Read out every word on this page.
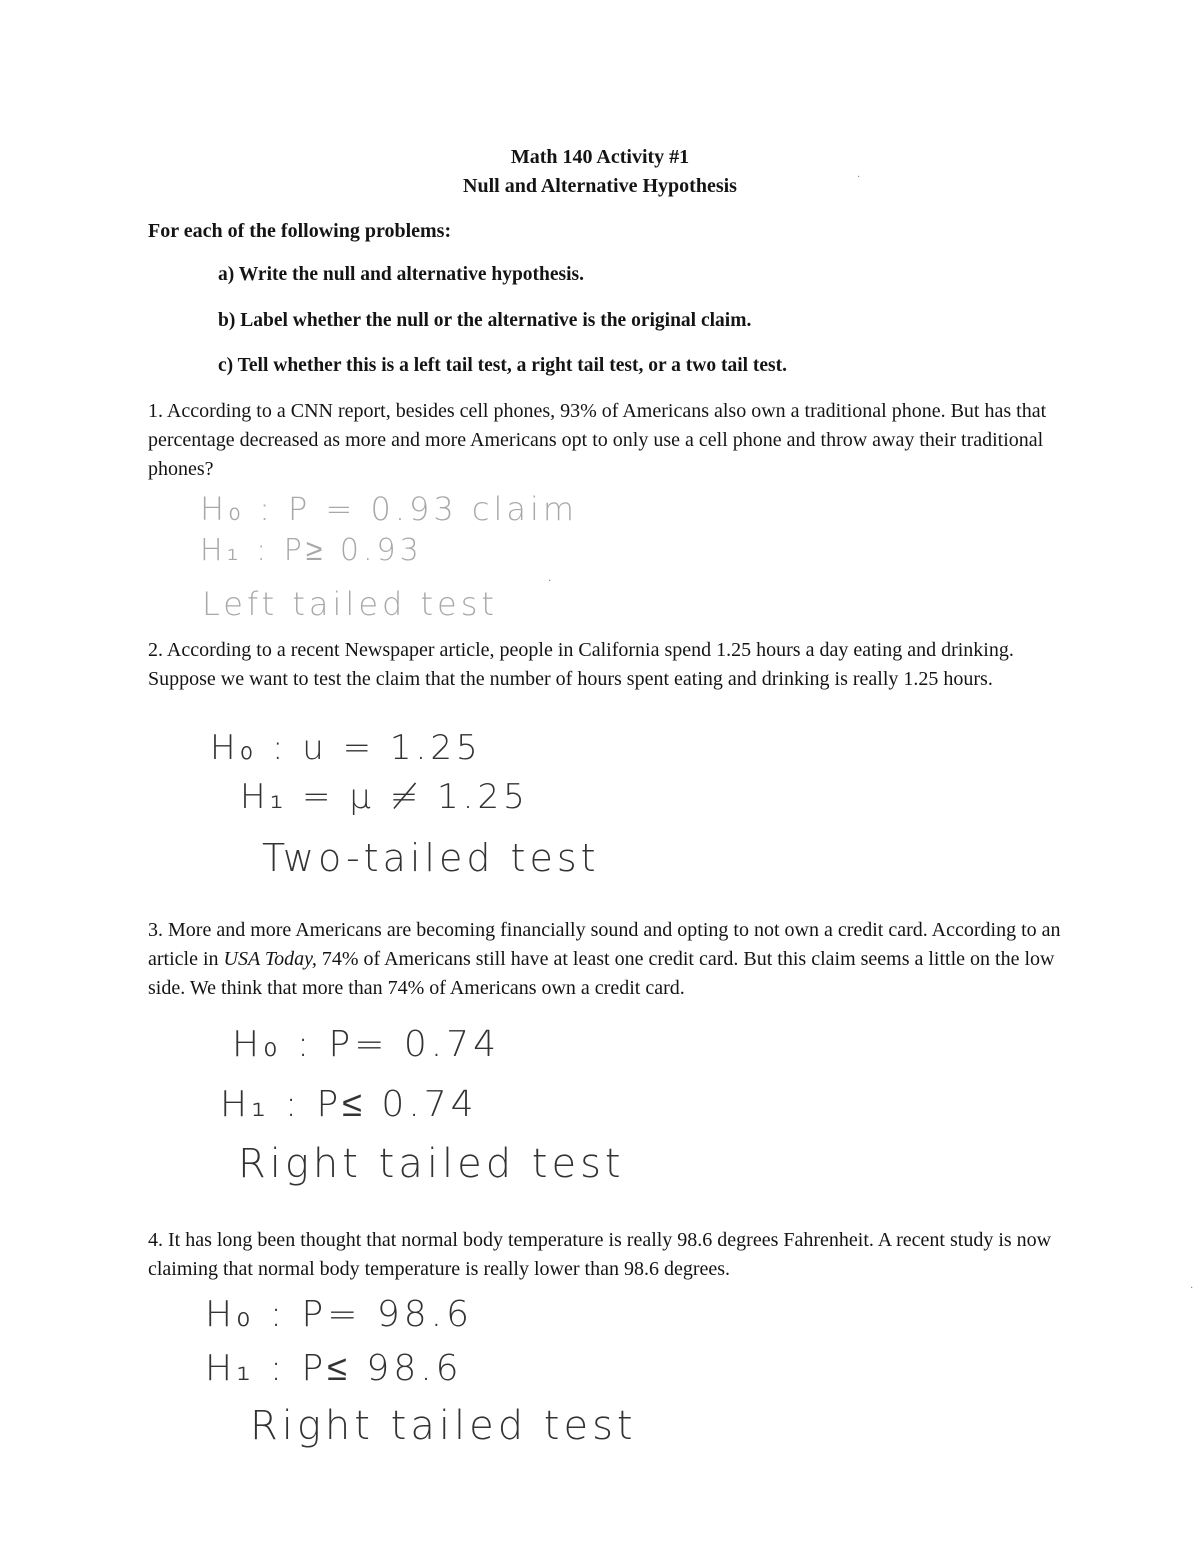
Math 140 Activity #1
Null and Alternative Hypothesis
For each of the following problems:
a) Write the null and alternative hypothesis.
b) Label whether the null or the alternative is the original claim.
c) Tell whether this is a left tail test, a right tail test, or a two tail test.

1. According to a CNN report, besides cell phones, 93% of Americans also own a traditional phone. But has that percentage decreased as more and more Americans opt to only use a cell phone and throw away their traditional phones?

H₀ : P = 0.93 claim
H₁ : P≥ 0.93
Left tailed test

2. According to a recent Newspaper article, people in California spend 1.25 hours a day eating and drinking. Suppose we want to test the claim that the number of hours spent eating and drinking is really 1.25 hours.

H₀ : u = 1.25
H₁ = μ ≠ 1.25
Two-tailed test

3. More and more Americans are becoming financially sound and opting to not own a credit card. According to an article in USA Today, 74% of Americans still have at least one credit card. But this claim seems a little on the low side. We think that more than 74% of Americans own a credit card.

H₀ : P= 0.74
H₁ : P≤ 0.74
Right tailed test

4. It has long been thought that normal body temperature is really 98.6 degrees Fahrenheit. A recent study is now claiming that normal body temperature is really lower than 98.6 degrees.

H₀ : P= 98.6
H₁ : P≤ 98.6
Right tailed test
·
·
·
